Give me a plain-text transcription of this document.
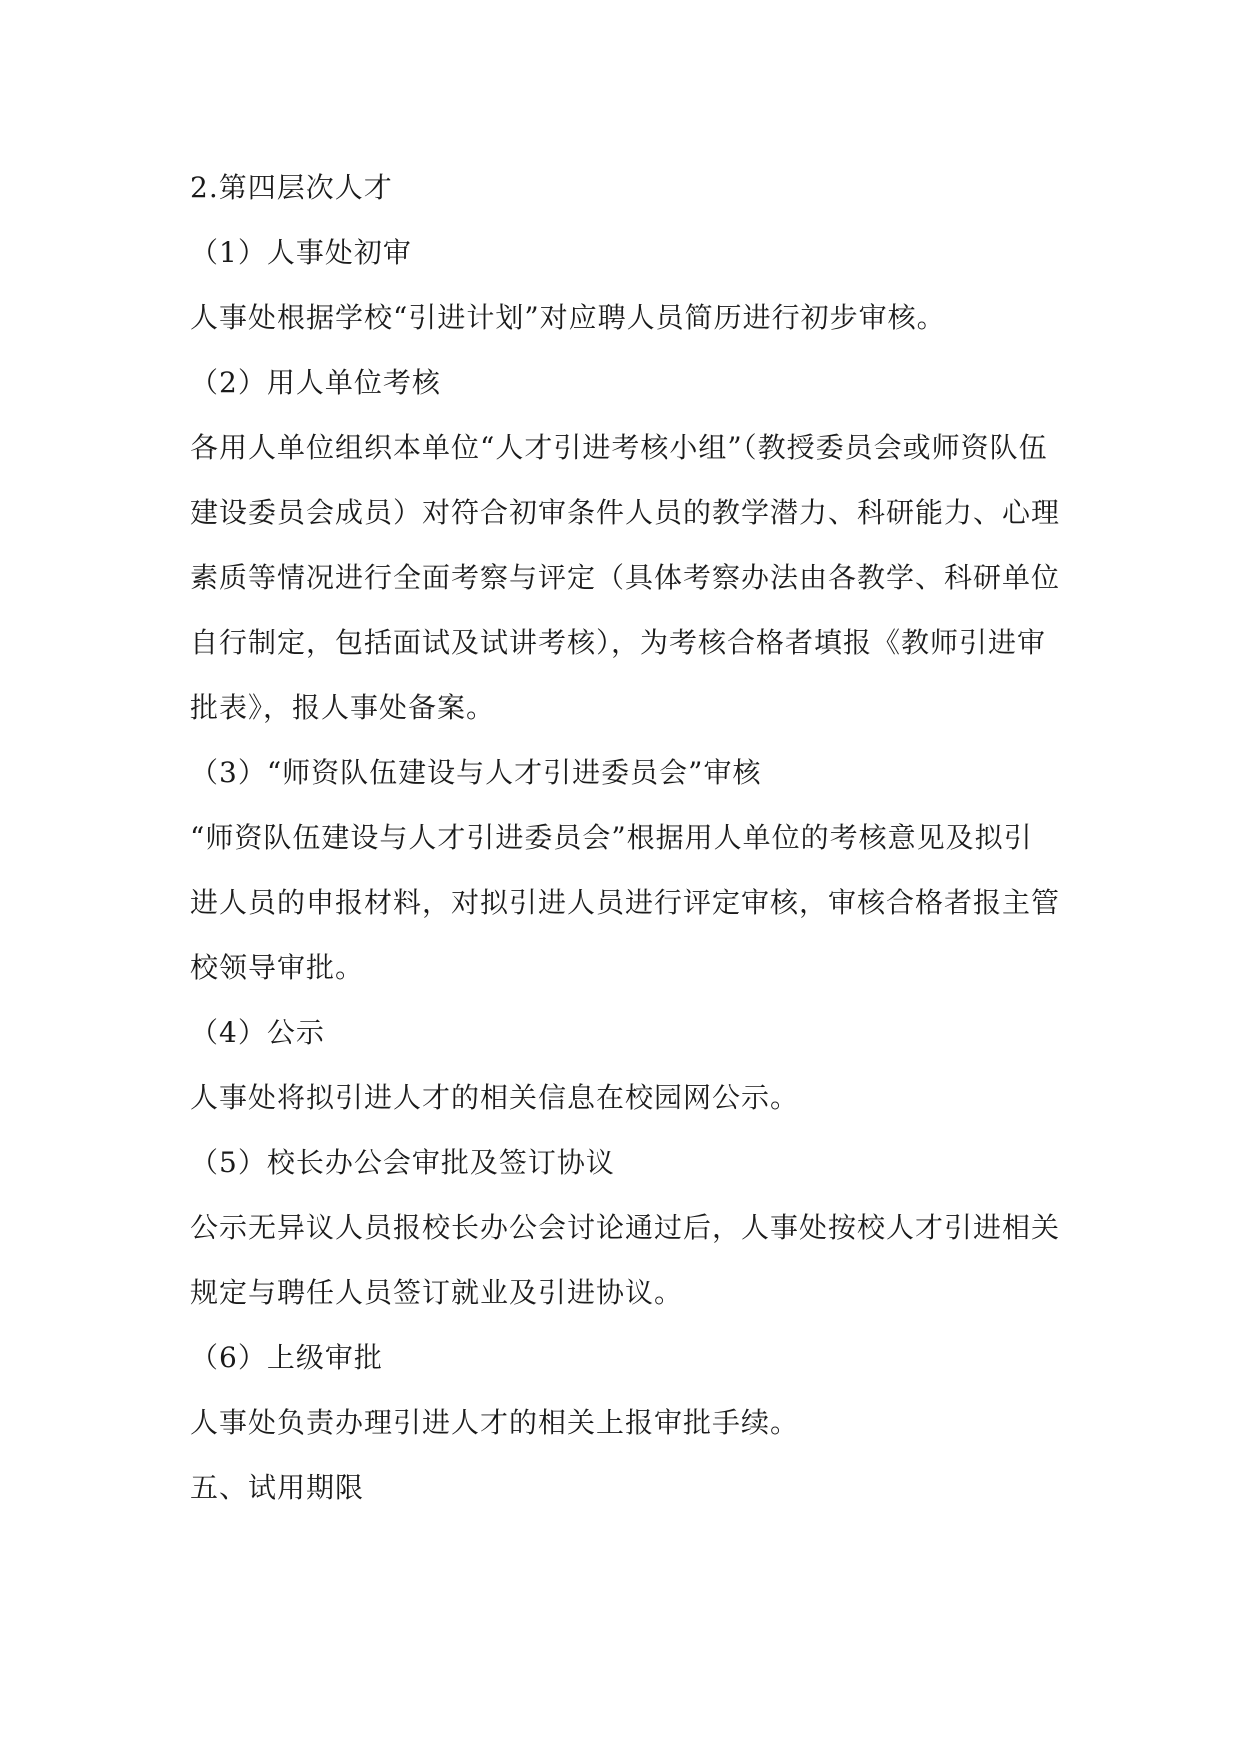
2.第四层次人才

（1）人事处初审

人事处根据学校“引进计划”对应聘人员简历进行初步审核。

（2）用人单位考核

各用人单位组织本单位“人才引进考核小组”（教授委员会或师资队伍建设委员会成员）对符合初审条件人员的教学潜力、科研能力、心理素质等情况进行全面考察与评定（具体考察办法由各教学、科研单位自行制定，包括面试及试讲考核），为考核合格者填报《教师引进审批表》，报人事处备案。

（3）“师资队伍建设与人才引进委员会”审核

“师资队伍建设与人才引进委员会”根据用人单位的考核意见及拟引进人员的申报材料，对拟引进人员进行评定审核，审核合格者报主管校领导审批。

（4）公示

人事处将拟引进人才的相关信息在校园网公示。

（5）校长办公会审批及签订协议

公示无异议人员报校长办公会讨论通过后，人事处按校人才引进相关规定与聘任人员签订就业及引进协议。

（6）上级审批

人事处负责办理引进人才的相关上报审批手续。

五、试用期限
